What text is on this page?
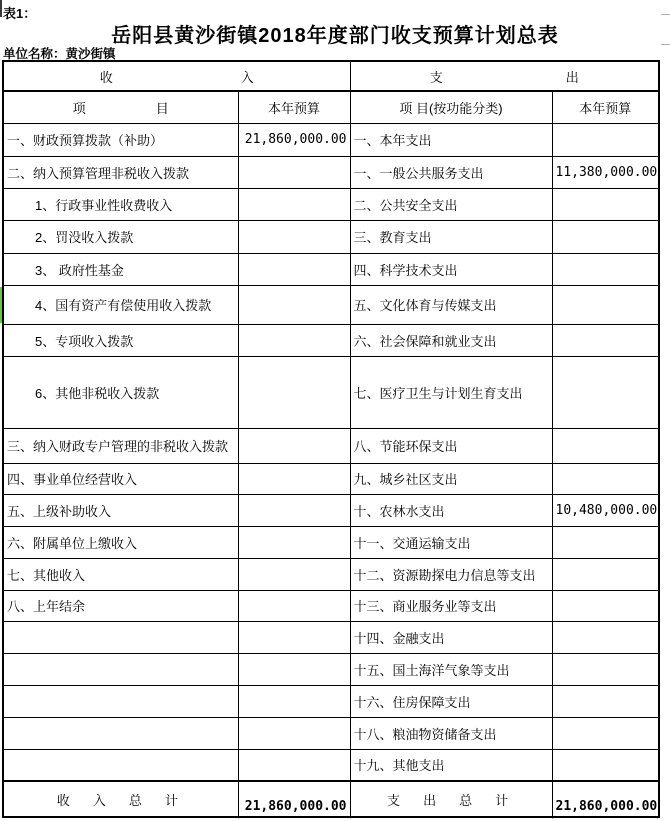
表1：
岳阳县黄沙街镇2018年度部门收支预算计划总表
单位名称：黄沙街镇
收 入		支 出	

项 目	本年预算	项 目(按功能分类)	本年预算
一、财政预算拨款（补助）	21,860,000.00	一、本年支出	
二、纳入预算管理非税收入拨款		一、一般公共服务支出	11,380,000.00
1、行政事业性收费收入		二、公共安全支出	
2、罚没收入拨款		三、教育支出	
3、 政府性基金		四、科学技术支出	
4、国有资产有偿使用收入拨款		五、文化体育与传媒支出	
5、专项收入拨款		六、社会保障和就业支出	
6、其他非税收入拨款		七、医疗卫生与计划生育支出	
三、纳入财政专户管理的非税收入拨款		八、节能环保支出	
四、事业单位经营收入		九、城乡社区支出	
五、上级补助收入		十、农林水支出	10,480,000.00
六、附属单位上缴收入		十一、交通运输支出	
七、其他收入		十二、资源勘探电力信息等支出	
八、上年结余		十三、商业服务业等支出	
		十四、金融支出	
		十五、国土海洋气象等支出	
		十六、住房保障支出	
		十八、粮油物资储备支出	
		十九、其他支出	
收 入 总 计	21,860,000.00	支 出 总 计	21,860,000.00
